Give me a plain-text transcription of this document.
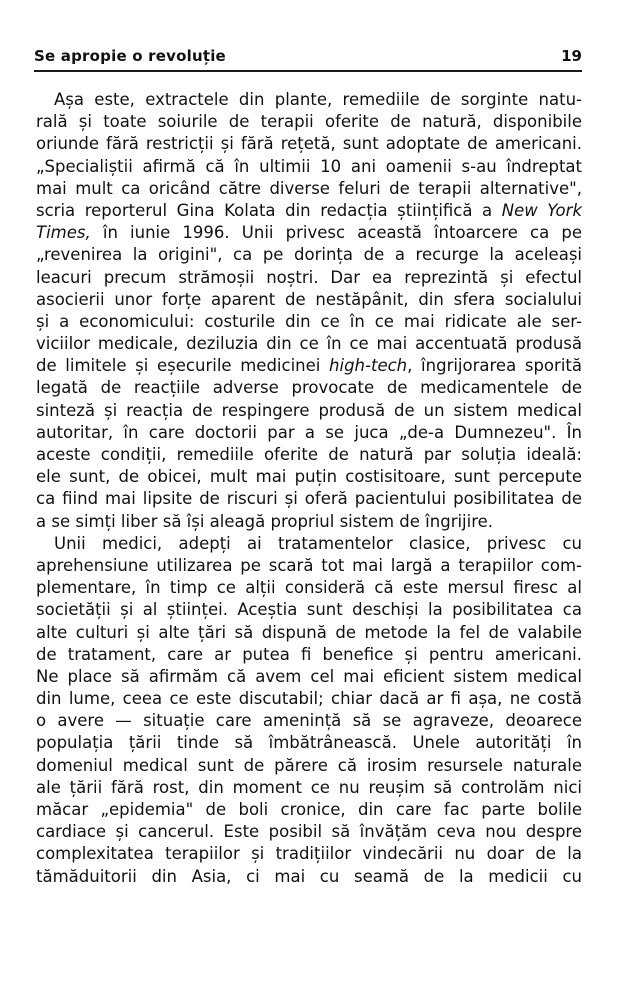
Se apropie o revoluție	19
Așa este, extractele din plante, remediile de sorginte natu-
rală și toate soiurile de terapii oferite de natură, disponibile
oriunde fără restricții și fără rețetă, sunt adoptate de americani.
„Specialiștii afirmă că în ultimii 10 ani oamenii s-au îndreptat
mai mult ca oricând către diverse feluri de terapii alternative",
scria reporterul Gina Kolata din redacția științifică a New York
Times, în iunie 1996. Unii privesc această întoarcere ca pe
„revenirea la origini", ca pe dorința de a recurge la aceleași
leacuri precum strămoșii noștri. Dar ea reprezintă și efectul
asocierii unor forțe aparent de nestăpânit, din sfera socialului
și a economicului: costurile din ce în ce mai ridicate ale ser-
viciilor medicale, deziluzia din ce în ce mai accentuată produsă
de limitele și eșecurile medicinei high-tech, îngrijorarea sporită
legată de reacțiile adverse provocate de medicamentele de
sinteză și reacția de respingere produsă de un sistem medical
autoritar, în care doctorii par a se juca „de-a Dumnezeu". În
aceste condiții, remediile oferite de natură par soluția ideală:
ele sunt, de obicei, mult mai puțin costisitoare, sunt percepute
ca fiind mai lipsite de riscuri și oferă pacientului posibilitatea de
a se simți liber să își aleagă propriul sistem de îngrijire.
Unii medici, adepți ai tratamentelor clasice, privesc cu
aprehensiune utilizarea pe scară tot mai largă a terapiilor com-
plementare, în timp ce alții consideră că este mersul firesc al
societății și al științei. Aceștia sunt deschiși la posibilitatea ca
alte culturi și alte țări să dispună de metode la fel de valabile
de tratament, care ar putea fi benefice și pentru americani.
Ne place să afirmăm că avem cel mai eficient sistem medical
din lume, ceea ce este discutabil; chiar dacă ar fi așa, ne costă
o avere — situație care amenință să se agraveze, deoarece
populația țării tinde să îmbătrânească. Unele autorități în
domeniul medical sunt de părere că irosim resursele naturale
ale țării fără rost, din moment ce nu reușim să controlăm nici
măcar „epidemia" de boli cronice, din care fac parte bolile
cardiace și cancerul. Este posibil să învățăm ceva nou despre
complexitatea terapiilor și tradițiilor vindecării nu doar de la
tămăduitorii din Asia, ci mai cu seamă de la medicii cu
